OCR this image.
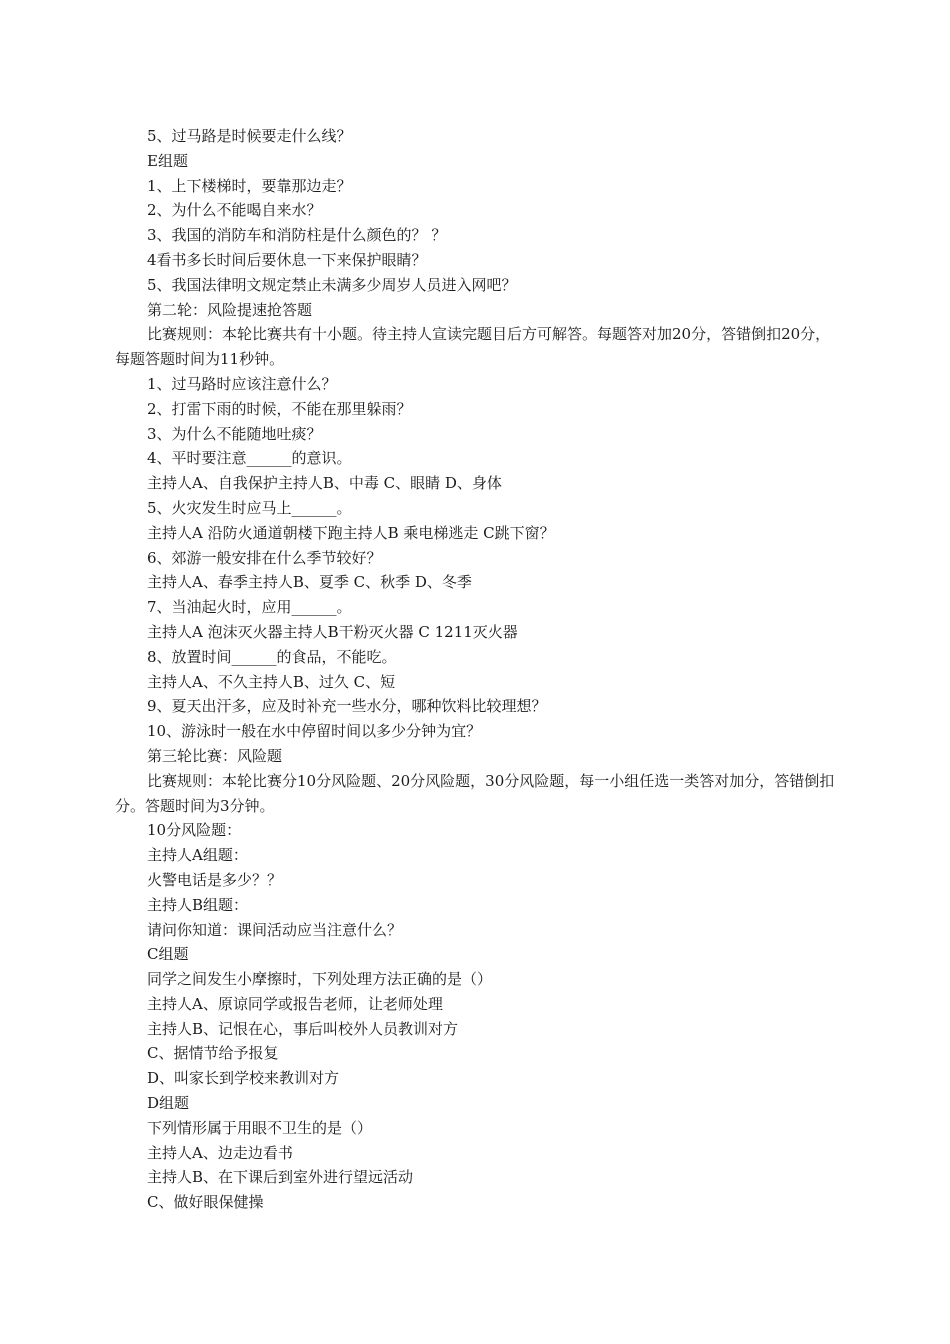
5、过马路是时候要走什么线？
E组题
1、上下楼梯时，要靠那边走？
2、为什么不能喝自来水？
3、我国的消防车和消防柱是什么颜色的？ ？
4看书多长时间后要休息一下来保护眼睛？
5、我国法律明文规定禁止未满多少周岁人员进入网吧？
第二轮：风险提速抢答题
比赛规则：本轮比赛共有十小题。待主持人宣读完题目后方可解答。每题答对加20分，答错倒扣20分，每题答题时间为11秒钟。
1、过马路时应该注意什么？
2、打雷下雨的时候，不能在那里躲雨？
3、为什么不能随地吐痰？
4、平时要注意______的意识。
主持人A、自我保护主持人B、中毒 C、眼睛 D、身体
5、火灾发生时应马上______。
主持人A 沿防火通道朝楼下跑主持人B 乘电梯逃走 C跳下窗？
6、郊游一般安排在什么季节较好？
主持人A、春季主持人B、夏季 C、秋季 D、冬季
7、当油起火时，应用______。
主持人A 泡沫灭火器主持人B干粉灭火器 C 1211灭火器
8、放置时间______的食品，不能吃。
主持人A、不久主持人B、过久 C、短
9、夏天出汗多，应及时补充一些水分，哪种饮料比较理想？
10、游泳时一般在水中停留时间以多少分钟为宜？
第三轮比赛：风险题
比赛规则：本轮比赛分10分风险题、20分风险题，30分风险题，每一小组任选一类答对加分，答错倒扣分。答题时间为3分钟。
10分风险题：
主持人A组题：
火警电话是多少？？
主持人B组题：
请问你知道：课间活动应当注意什么？
C组题
同学之间发生小摩擦时，下列处理方法正确的是（）
主持人A、原谅同学或报告老师，让老师处理
主持人B、记恨在心，事后叫校外人员教训对方
C、据情节给予报复
D、叫家长到学校来教训对方
D组题
下列情形属于用眼不卫生的是（）
主持人A、边走边看书
主持人B、在下课后到室外进行望远活动
C、做好眼保健操
